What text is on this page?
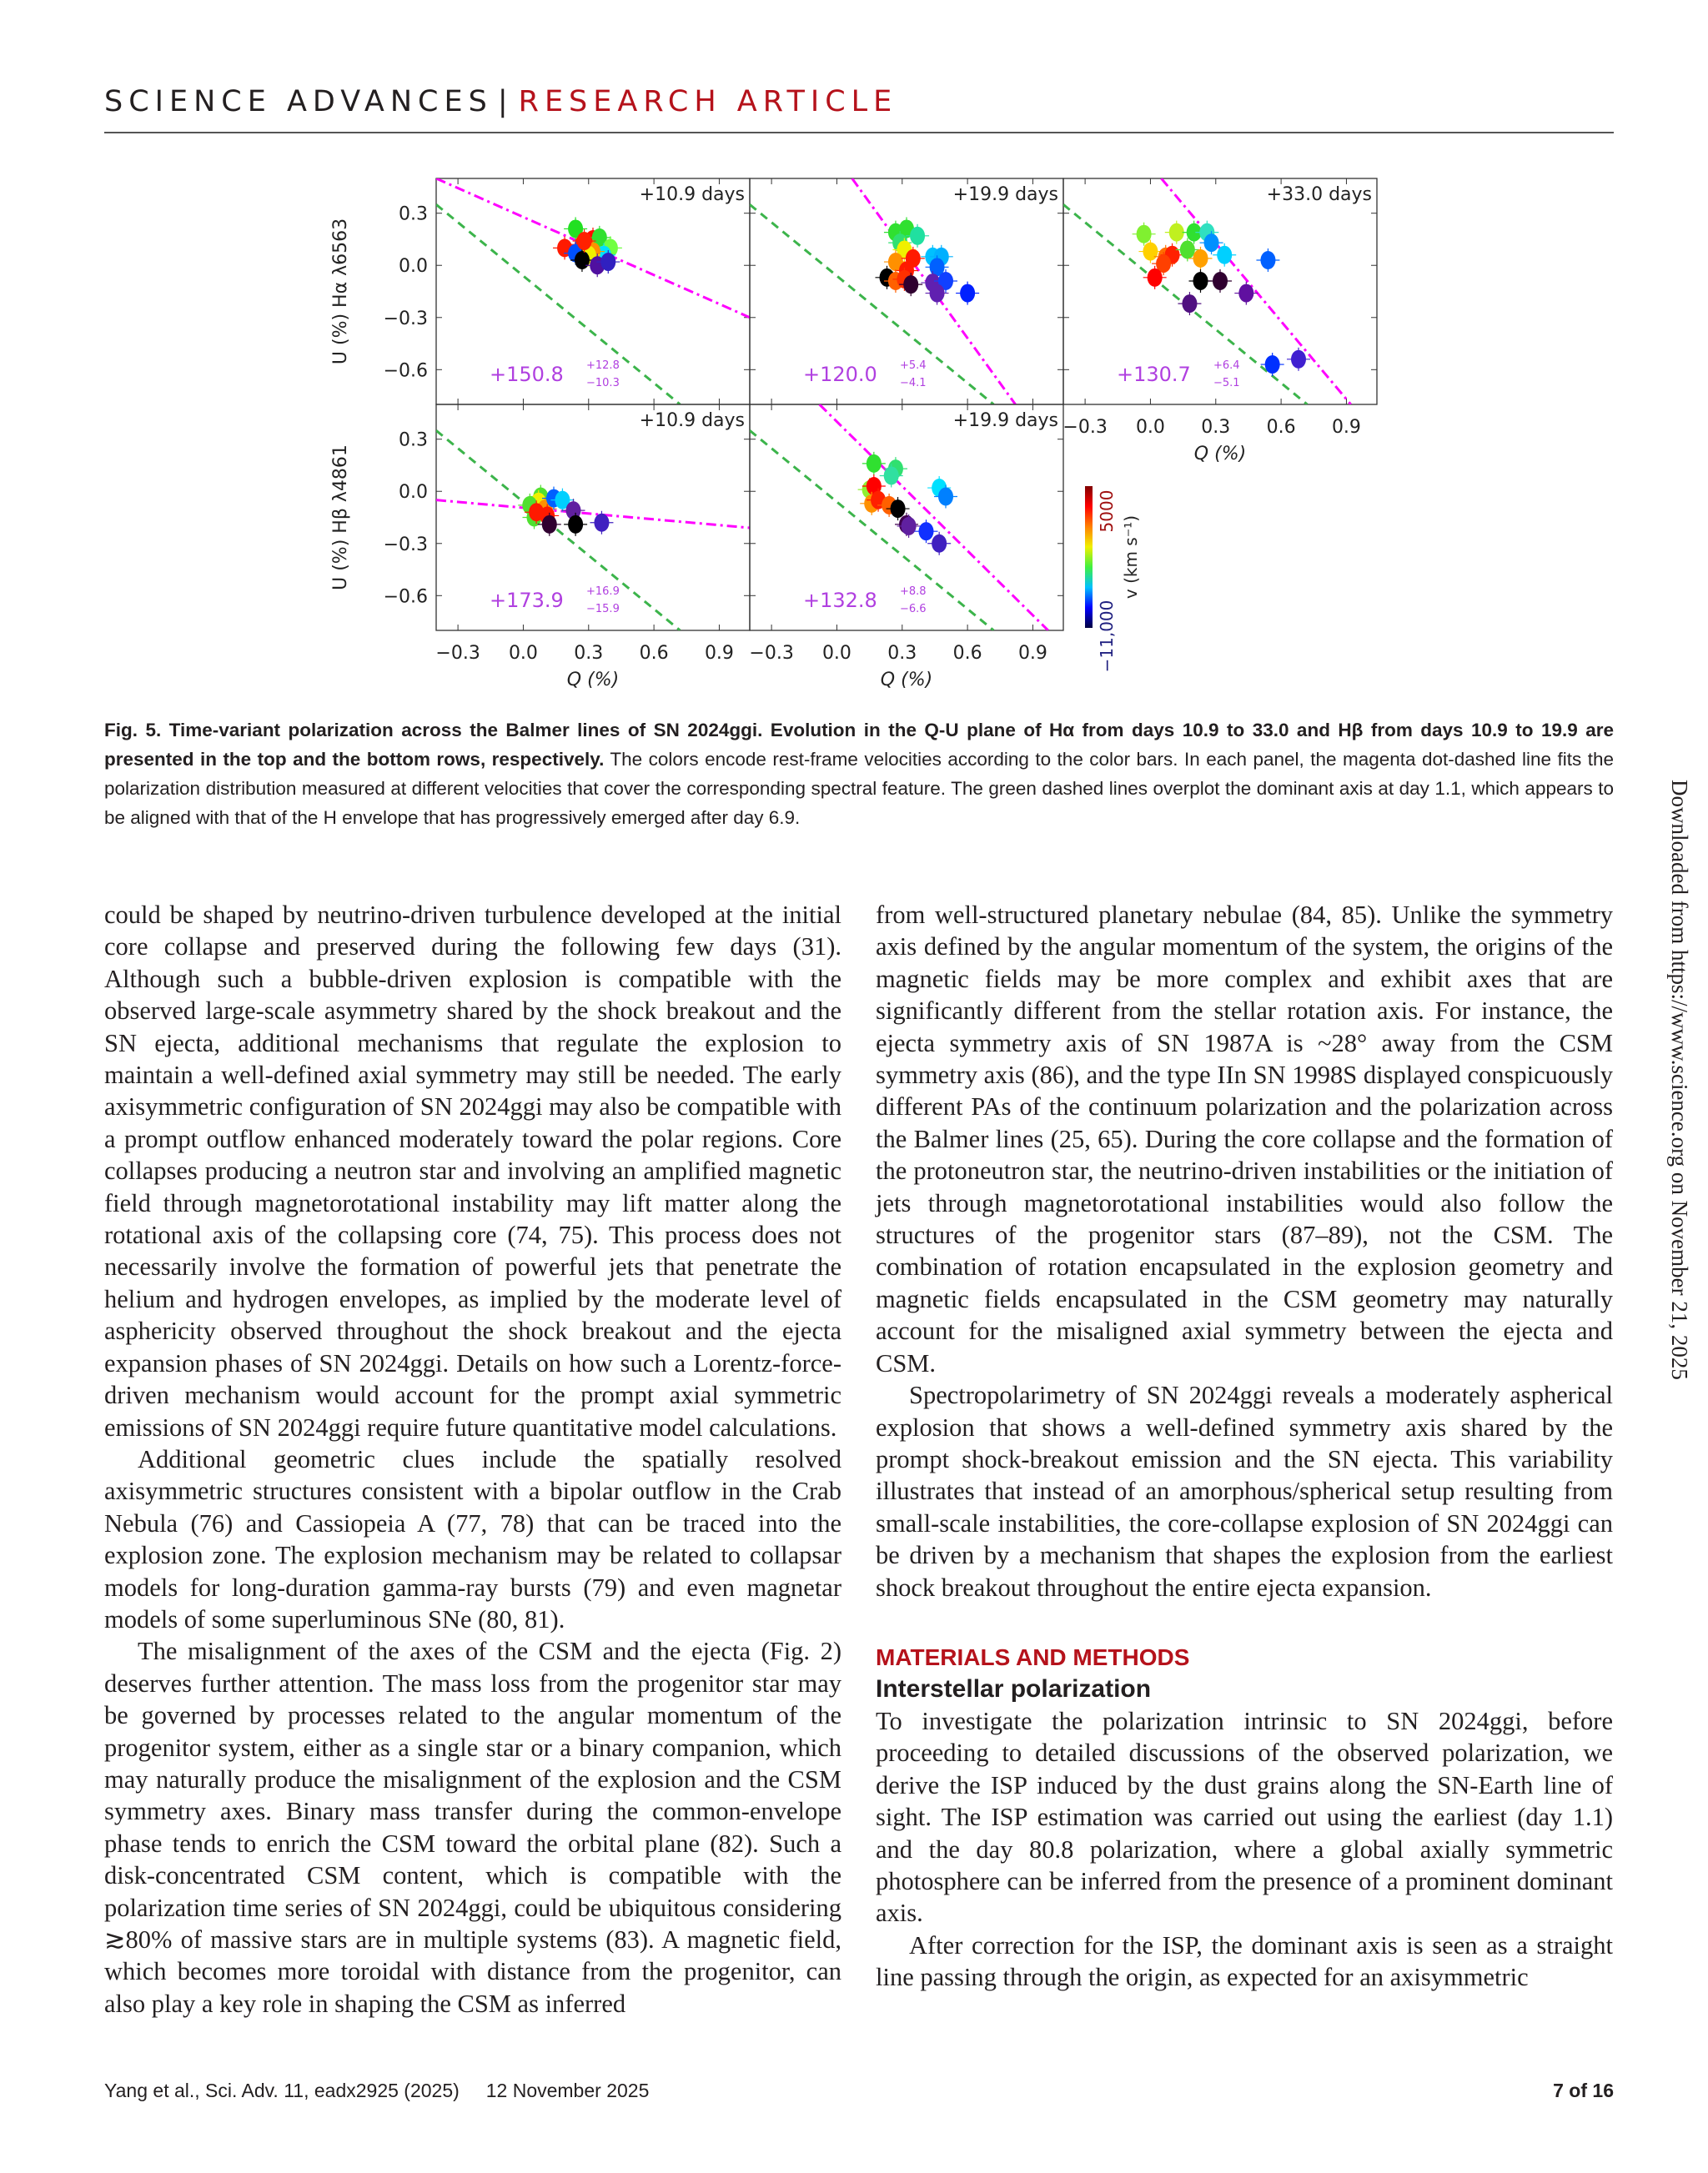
SCIENCE ADVANCES | RESEARCH ARTICLE
+10.9 days
+150.8 +12.8
−10.3
0.3
0.0
−0.3
−0.6
+19.9 days
+120.0 +5.4
−4.1
+33.0 days
+130.7 +6.4
−5.1
−0.3 0.0 0.3 0.6 0.9
Q (%)
+10.9 days
+173.9 +16.9
−15.9
0.3
0.0
−0.3
−0.6
−0.3 0.0 0.3 0.6 0.9
Q (%)
+19.9 days
+132.8 +8.8
−6.6
−0.3 0.0 0.3 0.6 0.9
Q (%)
U (%) Hα λ6563
U (%) Hβ λ4861	5000
−11,000
v (km s⁻¹)
Fig. 5. Time-variant polarization across the Balmer lines of SN 2024ggi. Evolution in the Q-U plane of Hα from days 10.9 to 33.0 and Hβ from days 10.9 to 19.9 are presented in the top and the bottom rows, respectively. The colors encode rest-frame velocities according to the color bars. In each panel, the magenta dot-dashed line fits the polarization distribution measured at different velocities that cover the corresponding spectral feature. The green dashed lines overplot the dominant axis at day 1.1, which appears to be aligned with that of the H envelope that has progressively emerged after day 6.9.

could be shaped by neutrino-driven turbulence developed at the initial core collapse and preserved during the following few days (31). Although such a bubble-driven explosion is compatible with the observed large-scale asymmetry shared by the shock breakout and the SN ejecta, additional mechanisms that regulate the explosion to maintain a well-defined axial symmetry may still be needed. The early axisymmetric configuration of SN 2024ggi may also be compatible with a prompt outflow enhanced moderately toward the polar regions. Core collapses producing a neutron star and involving an amplified magnetic field through magnetorotational instability may lift matter along the rotational axis of the collapsing core (74, 75). This process does not necessarily involve the formation of powerful jets that penetrate the helium and hydrogen envelopes, as implied by the moderate level of asphericity observed throughout the shock breakout and the ejecta expansion phases of SN 2024ggi. Details on how such a Lorentz-force-driven mechanism would account for the prompt axial symmetric emissions of SN 2024ggi require future quantitative model calculations.

Additional geometric clues include the spatially resolved axisymmetric structures consistent with a bipolar outflow in the Crab Nebula (76) and Cassiopeia A (77, 78) that can be traced into the explosion zone. The explosion mechanism may be related to collapsar models for long-duration gamma-ray bursts (79) and even magnetar models of some superluminous SNe (80, 81).

The misalignment of the axes of the CSM and the ejecta (Fig. 2) deserves further attention. The mass loss from the progenitor star may be governed by processes related to the angular momentum of the progenitor system, either as a single star or a binary companion, which may naturally produce the misalignment of the explosion and the CSM symmetry axes. Binary mass transfer during the common-envelope phase tends to enrich the CSM toward the orbital plane (82). Such a disk-concentrated CSM content, which is compatible with the polarization time series of SN 2024ggi, could be ubiquitous considering ≳80% of massive stars are in multiple systems (83). A magnetic field, which becomes more toroidal with distance from the progenitor, can also play a key role in shaping the CSM as inferred

from well-structured planetary nebulae (84, 85). Unlike the symmetry axis defined by the angular momentum of the system, the origins of the magnetic fields may be more complex and exhibit axes that are significantly different from the stellar rotation axis. For instance, the ejecta symmetry axis of SN 1987A is ~28° away from the CSM symmetry axis (86), and the type IIn SN 1998S displayed conspicuously different PAs of the continuum polarization and the polarization across the Balmer lines (25, 65). During the core collapse and the formation of the protoneutron star, the neutrino-driven instabilities or the initiation of jets through magnetorotational instabilities would also follow the structures of the progenitor stars (87–89), not the CSM. The combination of rotation encapsulated in the explosion geometry and magnetic fields encapsulated in the CSM geometry may naturally account for the misaligned axial symmetry between the ejecta and CSM.

Spectropolarimetry of SN 2024ggi reveals a moderately aspherical explosion that shows a well-defined symmetry axis shared by the prompt shock-breakout emission and the SN ejecta. This variability illustrates that instead of an amorphous/spherical setup resulting from small-scale instabilities, the core-collapse explosion of SN 2024ggi can be driven by a mechanism that shapes the explosion from the earliest shock breakout throughout the entire ejecta expansion.

MATERIALS AND METHODS
Interstellar polarization

To investigate the polarization intrinsic to SN 2024ggi, before proceeding to detailed discussions of the observed polarization, we derive the ISP induced by the dust grains along the SN-Earth line of sight. The ISP estimation was carried out using the earliest (day 1.1) and the day 80.8 polarization, where a global axially symmetric photosphere can be inferred from the presence of a prominent dominant axis.

After correction for the ISP, the dominant axis is seen as a straight line passing through the origin, as expected for an axisymmetric

Downloaded from https://www.science.org on November 21, 2025
Yang et al., Sci. Adv. 11, eadx2925 (2025)     12 November 2025	7 of 16
